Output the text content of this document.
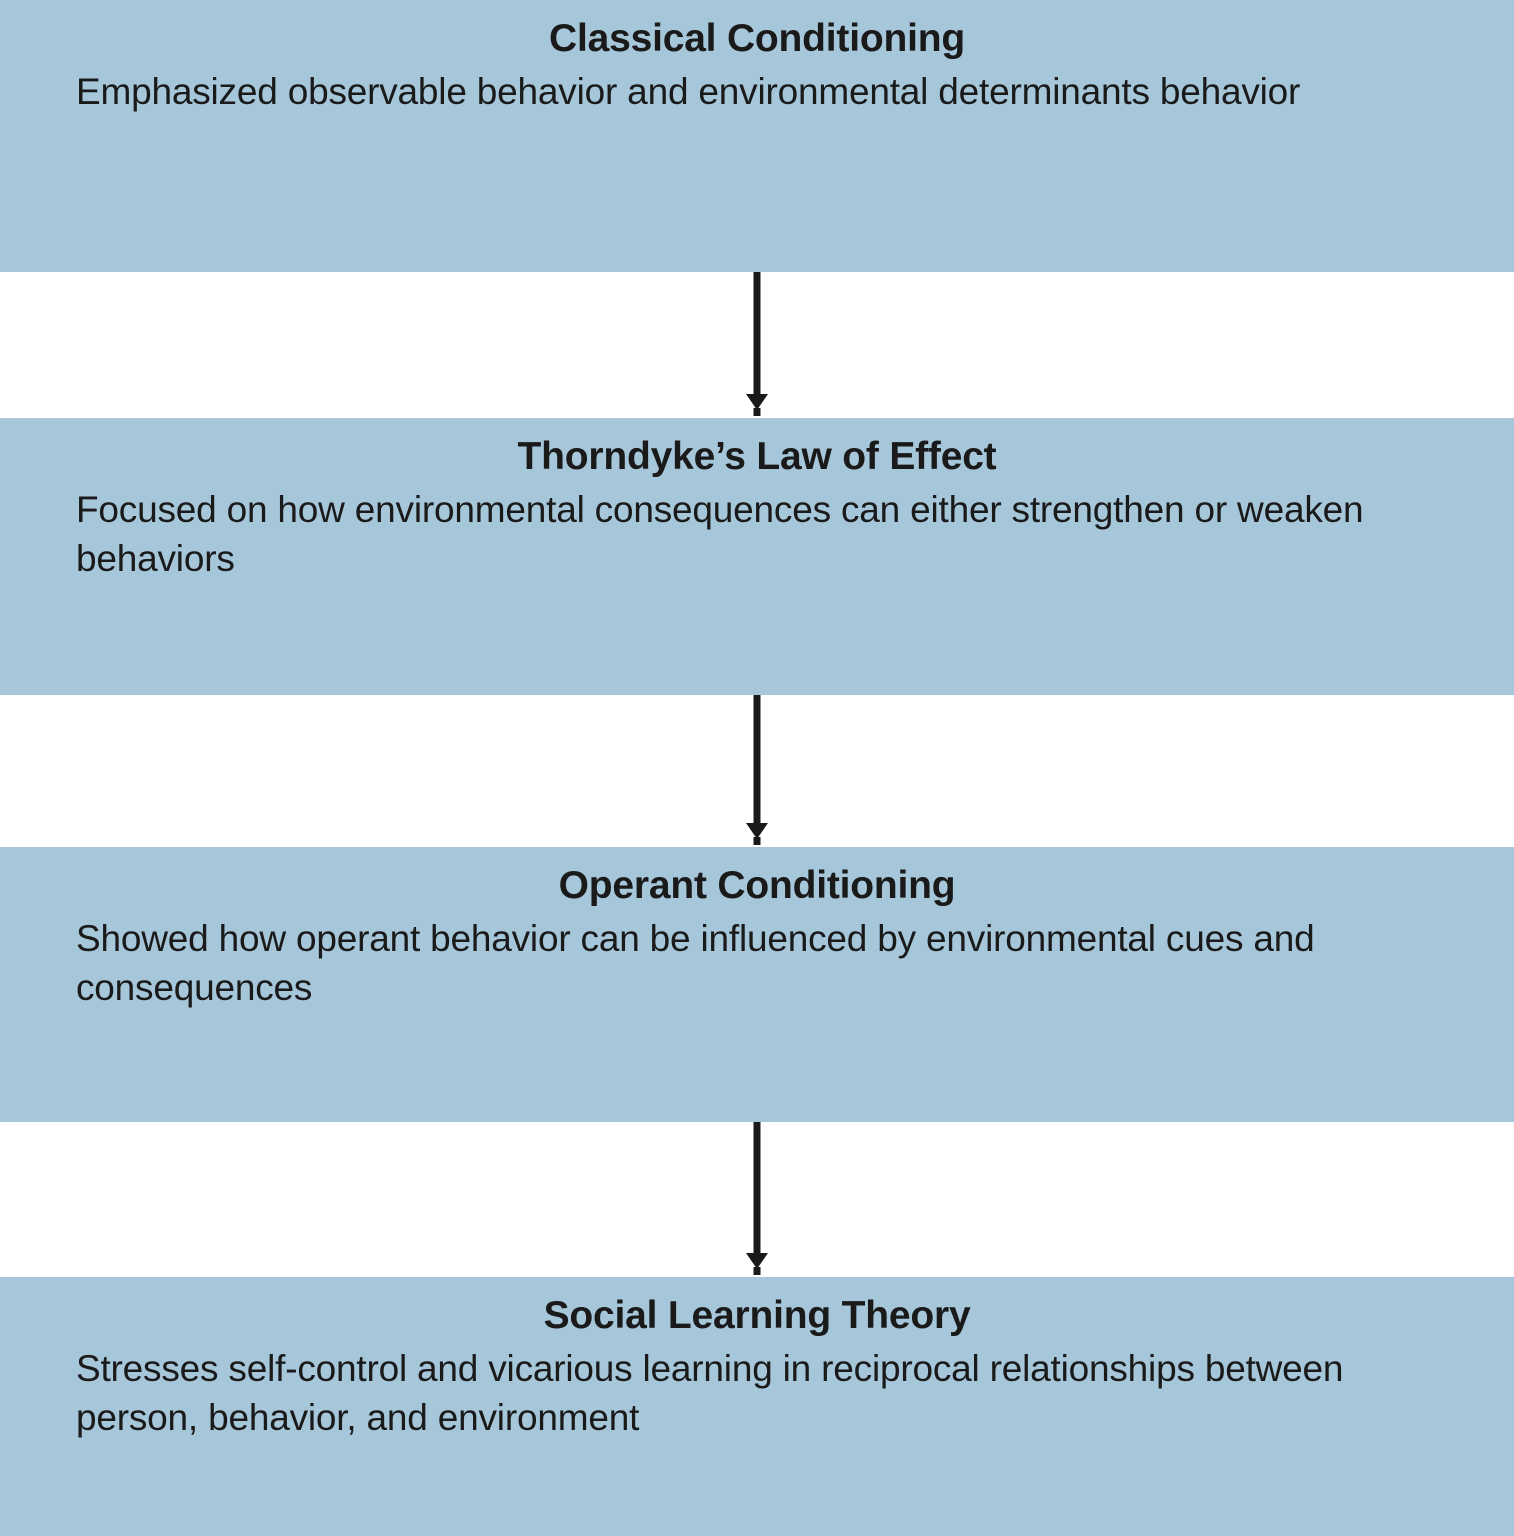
Classical Conditioning
Emphasized observable behavior and environmental determinants behavior
Thorndyke’s Law of Effect
Focused on how environmental consequences can either strengthen or weaken behaviors
Operant Conditioning
Showed how operant behavior can be influenced by environmental cues and consequences
Social Learning Theory
Stresses self-control and vicarious learning in reciprocal relationships between person, behavior, and environment
